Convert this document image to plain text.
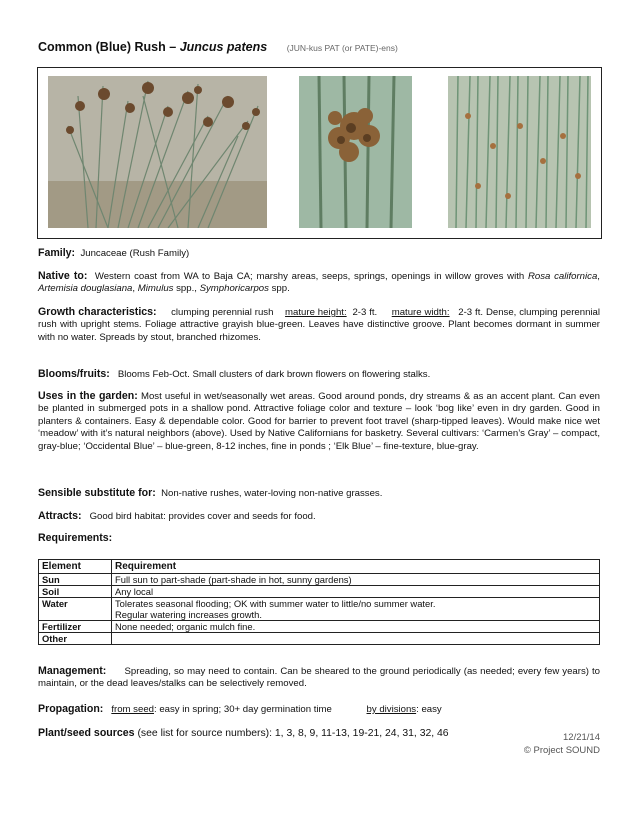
Common (Blue) Rush – Juncus patens (JUN-kus PAT (or PATE)-ens)
Family: Juncaceae (Rush Family)
Native to: Western coast from WA to Baja CA; marshy areas, seeps, springs, openings in willow groves with Rosa californica, Artemisia douglasiana, Mimulus spp., Symphoricarpos spp.
Growth characteristics: clumping perennial rush mature height: 2-3 ft. mature width: 2-3 ft. Dense, clumping perennial rush with upright stems. Foliage attractive grayish blue-green. Leaves have distinctive groove. Plant becomes dormant in summer with no water. Spreads by stout, branched rhizomes.
Blooms/fruits: Blooms Feb-Oct. Small clusters of dark brown flowers on flowering stalks.
Uses in the garden: Most useful in wet/seasonally wet areas. Good around ponds, dry streams & as an accent plant. Can even be planted in submerged pots in a shallow pond. Attractive foliage color and texture – look ‘bog like’ even in dry garden. Good in planters & containers. Easy & dependable color. Good for barrier to prevent foot travel (sharp-tipped leaves). Would make nice wet ‘meadow’ with it’s natural neighbors (above). Used by Native Californians for basketry. Several cultivars: ‘Carmen’s Gray’ – compact, gray-blue; ‘Occidental Blue’ – blue-green, 8-12 inches, fine in ponds ; ‘Elk Blue’ – fine-texture, blue-gray.
Sensible substitute for: Non-native rushes, water-loving non-native grasses.
Attracts: Good bird habitat: provides cover and seeds for food.
Requirements:
Element	Requirement
Sun	Full sun to part-shade (part-shade in hot, sunny gardens)
Soil	Any local
Water	Tolerates seasonal flooding; OK with summer water to little/no summer water.
Regular watering increases growth.

Fertilizer	None needed; organic mulch fine.
Other	
Management: Spreading, so may need to contain. Can be sheared to the ground periodically (as needed; every few years) to maintain, or the dead leaves/stalks can be selectively removed.
Propagation: from seed: easy in spring; 30+ day germination time	by divisions: easy
Plant/seed sources (see list for source numbers): 1, 3, 8, 9, 11-13, 19-21, 24, 31, 32, 46	12/21/14
© Project SOUND
